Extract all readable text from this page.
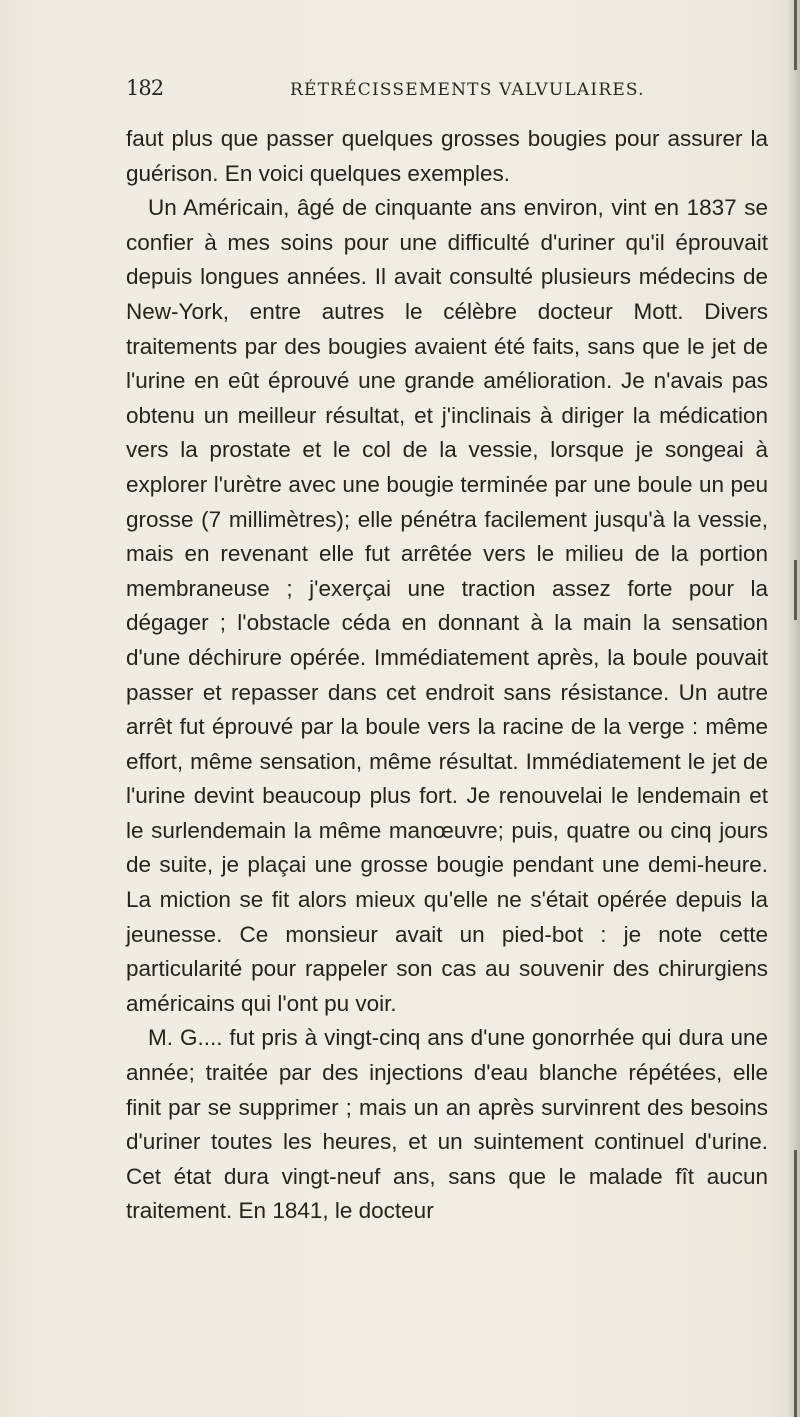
182	RÉTRÉCISSEMENTS VALVULAIRES.

faut plus que passer quelques grosses bougies pour assurer la guérison. En voici quelques exemples.

Un Américain, âgé de cinquante ans environ, vint en 1837 se confier à mes soins pour une difficulté d'uriner qu'il éprouvait depuis longues années. Il avait consulté plusieurs médecins de New-York, entre autres le célèbre docteur Mott. Divers traitements par des bougies avaient été faits, sans que le jet de l'urine en eût éprouvé une grande amélioration. Je n'avais pas obtenu un meilleur résultat, et j'inclinais à diriger la médication vers la prostate et le col de la vessie, lorsque je songeai à explorer l'urètre avec une bougie terminée par une boule un peu grosse (7 millimètres); elle pénétra facilement jusqu'à la vessie, mais en revenant elle fut arrêtée vers le milieu de la portion membraneuse ; j'exerçai une traction assez forte pour la dégager ; l'obstacle céda en donnant à la main la sensation d'une déchirure opérée. Immédiatement après, la boule pouvait passer et repasser dans cet endroit sans résistance. Un autre arrêt fut éprouvé par la boule vers la racine de la verge : même effort, même sensation, même résultat. Immédiatement le jet de l'urine devint beaucoup plus fort. Je renouvelai le lendemain et le surlendemain la même manœuvre; puis, quatre ou cinq jours de suite, je plaçai une grosse bougie pendant une demi-heure. La miction se fit alors mieux qu'elle ne s'était opérée depuis la jeunesse. Ce monsieur avait un pied-bot : je note cette particularité pour rappeler son cas au souvenir des chirurgiens américains qui l'ont pu voir.

M. G.... fut pris à vingt-cinq ans d'une gonorrhée qui dura une année; traitée par des injections d'eau blanche répétées, elle finit par se supprimer ; mais un an après survinrent des besoins d'uriner toutes les heures, et un suintement continuel d'urine. Cet état dura vingt-neuf ans, sans que le malade fît aucun traitement. En 1841, le docteur
